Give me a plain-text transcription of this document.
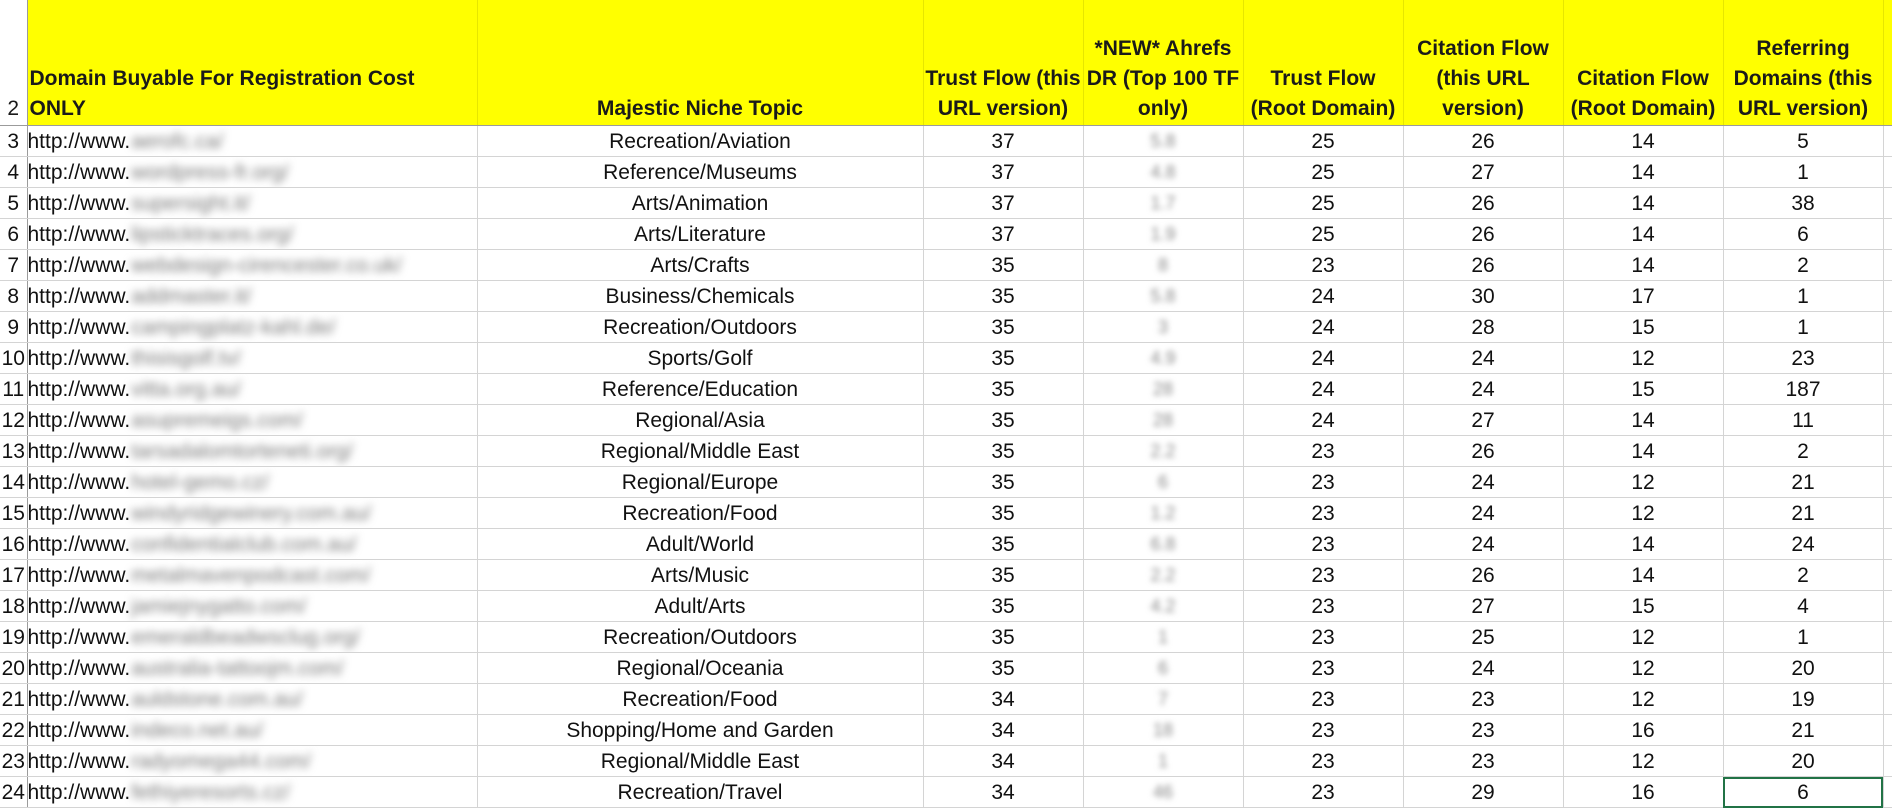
2	Domain Buyable For Registration Cost ONLY	Majestic Niche Topic	Trust Flow (this URL version)	*NEW* Ahrefs DR (Top 100 TF only)	Trust Flow (Root Domain)	Citation Flow (this URL version)	Citation Flow (Root Domain)	Referring Domains (this URL version)	
3	http://www.aerofc.ca/	Recreation/Aviation	37	5.8	25	26	14	5	
4	http://www.wordpress-fr.org/	Reference/Museums	37	4.8	25	27	14	1	
5	http://www.supersight.it/	Arts/Animation	37	1.7	25	26	14	38	
6	http://www.lipsticktraces.org/	Arts/Literature	37	1.9	25	26	14	6	
7	http://www.webdesign-cirencester.co.uk/	Arts/Crafts	35	8	23	26	14	2	
8	http://www.addmaster.it/	Business/Chemicals	35	5.8	24	30	17	1	
9	http://www.campingplatz-kahl.de/	Recreation/Outdoors	35	3	24	28	15	1	
10	http://www.thisisgolf.tv/	Sports/Golf	35	4.9	24	24	12	23	
11	http://www.vitta.org.au/	Reference/Education	35	28	24	24	15	187	
12	http://www.asupremeigs.com/	Regional/Asia	35	28	24	27	14	11	
13	http://www.tarsadalomtorteneti.org/	Regional/Middle East	35	2.2	23	26	14	2	
14	http://www.hotel-gemo.cz/	Regional/Europe	35	6	23	24	12	21	
15	http://www.windyridgewinery.com.au/	Recreation/Food	35	1.2	23	24	12	21	
16	http://www.confidentialclub.com.au/	Adult/World	35	6.8	23	24	14	24	
17	http://www.metalmavenpodcast.com/	Arts/Music	35	2.2	23	26	14	2	
18	http://www.jamiejnygatto.com/	Adult/Arts	35	4.2	23	27	15	4	
19	http://www.emeraldbeadwsclug.org/	Recreation/Outdoors	35	1	23	25	12	1	
20	http://www.australia-tattoojm.com/	Regional/Oceania	35	6	23	24	12	20	
21	http://www.auldstone.com.au/	Recreation/Food	34	7	23	23	12	19	
22	http://www.indeco.net.au/	Shopping/Home and Garden	34	18	23	23	16	21	
23	http://www.radyomega44.com/	Regional/Middle East	34	1	23	23	12	20	
24	http://www.fethiyeresorts.cz/	Recreation/Travel	34	46	23	29	16	6	
